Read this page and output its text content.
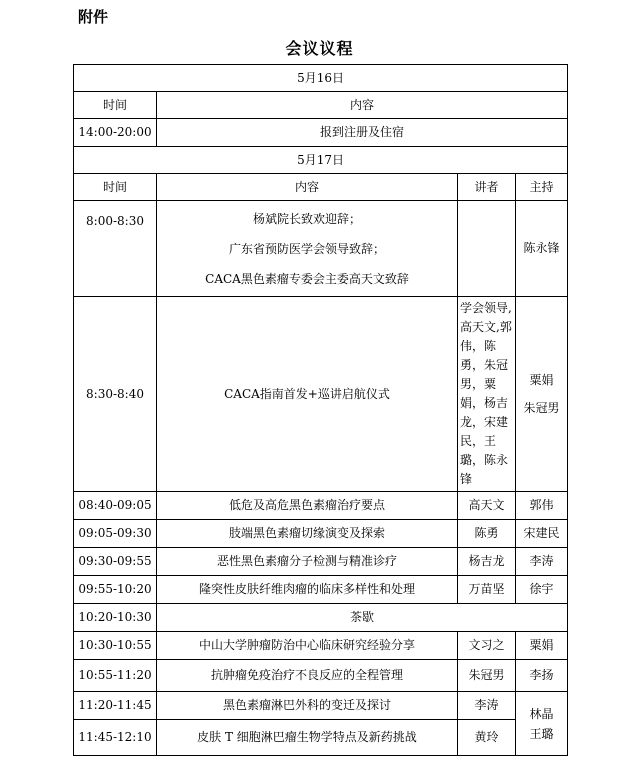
附件
会议议程
5月16日			
时间	内容		
14:00-20:00	报到注册及住宿		
5月17日			
时间	内容	讲者	主持
8:00-8:30	杨斌院长致欢迎辞；
广东省预防医学会领导致辞；
CACA黑色素瘤专委会主委高天文致辞		陈永锋
8:30-8:40	CACA指南首发+巡讲启航仪式	学会领导,高天文,郭伟，陈勇，朱冠男，粟娟，杨吉龙，宋建民，王璐，陈永锋	粟娟
朱冠男

08:40-09:05	低危及高危黑色素瘤治疗要点	高天文	郭伟
09:05-09:30	肢端黑色素瘤切缘演变及探索	陈勇	宋建民
09:30-09:55	恶性黑色素瘤分子检测与精准诊疗	杨吉龙	李涛
09:55-10:20	隆突性皮肤纤维肉瘤的临床多样性和处理	万苗坚	徐宇
10:20-10:30	茶歇		
10:30-10:55	中山大学肿瘤防治中心临床研究经验分享	文习之	粟娟
10:55-11:20	抗肿瘤免疫治疗不良反应的全程管理	朱冠男	李扬
11:20-11:45	黑色素瘤淋巴外科的变迁及探讨	李涛	林晶
王璐

11:45-12:10	皮肤 T 细胞淋巴瘤生物学特点及新药挑战	黄玲	
